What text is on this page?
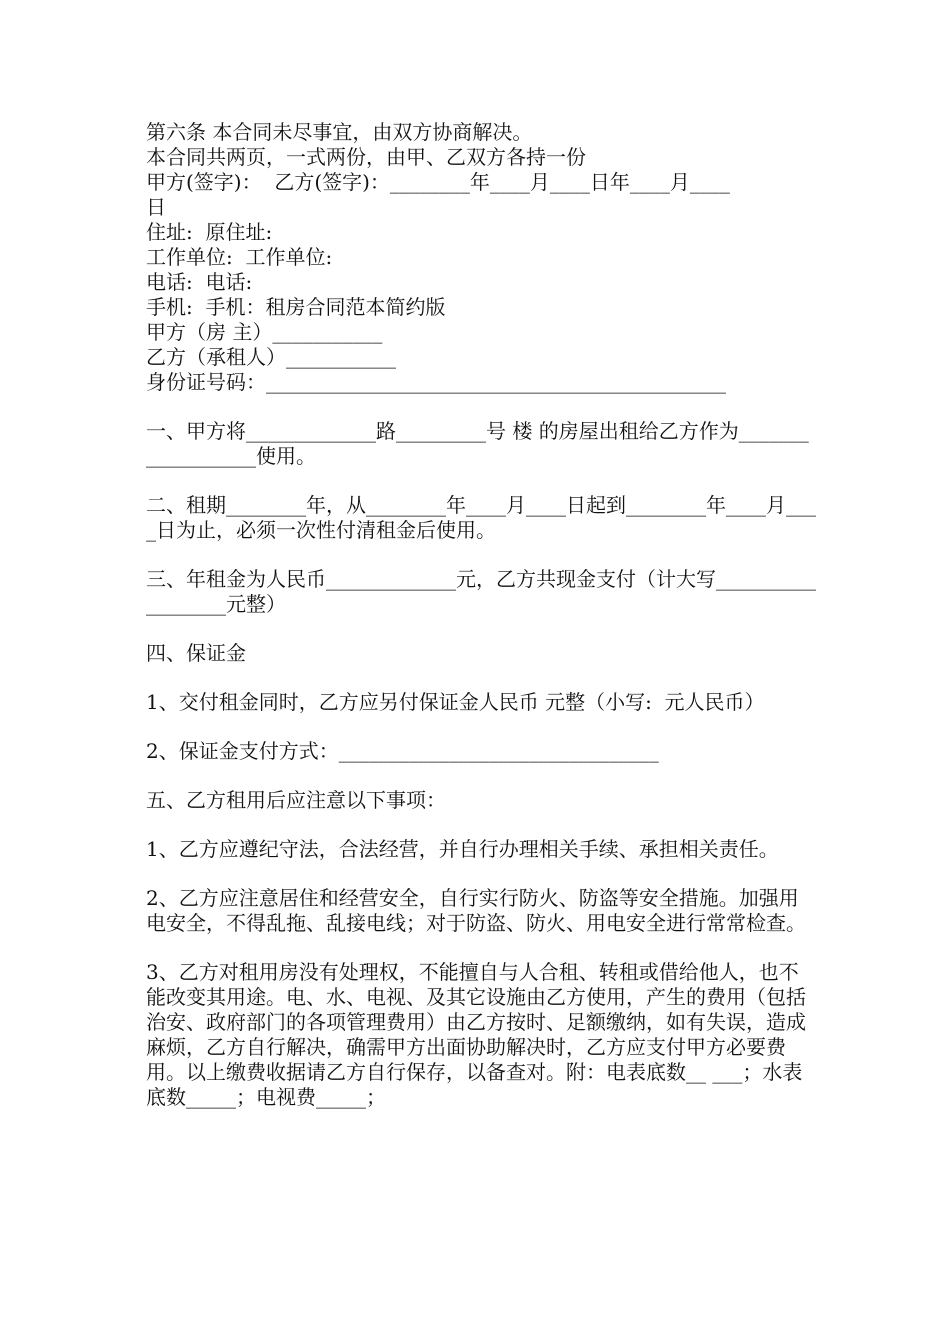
第六条 本合同未尽事宜，由双方协商解决。
本合同共两页，一式两份，由甲、乙双方各持一份
甲方(签字)：  乙方(签字)：________年____月____日年____月____
日
住址:  原住址:
工作单位:  工作单位:
电话:  电话:
手机:  手机：租房合同范本简约版
甲方（房 主）___________
乙方（承租人）___________
身份证号码：______________________________________________

一、甲方将_____________路_________号 楼 的房屋出租给乙方作为__________________使用。

二、租期________年，从________年____月____日起到________年____月____日为止，必须一次性付清租金后使用。

三、年租金为人民币_____________元，乙方共现金支付（计大写__________________元整）

四、保证金

1、交付租金同时，乙方应另付保证金人民币 元整（小写:  元人民币）

2、保证金支付方式：________________________________

五、乙方租用后应注意以下事项：

1、乙方应遵纪守法，合法经营，并自行办理相关手续、承担相关责任。

2、乙方应注意居住和经营安全，自行实行防火、防盗等安全措施。加强用电安全，不得乱拖、乱接电线；对于防盗、防火、用电安全进行常常检查。

3、乙方对租用房没有处理权，不能擅自与人合租、转租或借给他人，也不能改变其用途。电、水、电视、及其它设施由乙方使用，产生的费用（包括治安、政府部门的各项管理费用）由乙方按时、足额缴纳，如有失误，造成麻烦，乙方自行解决，确需甲方出面协助解决时，乙方应支付甲方必要费用。以上缴费收据请乙方自行保存，以备查对。附：电表底数__ ___；水表底数_____；电视费_____；
